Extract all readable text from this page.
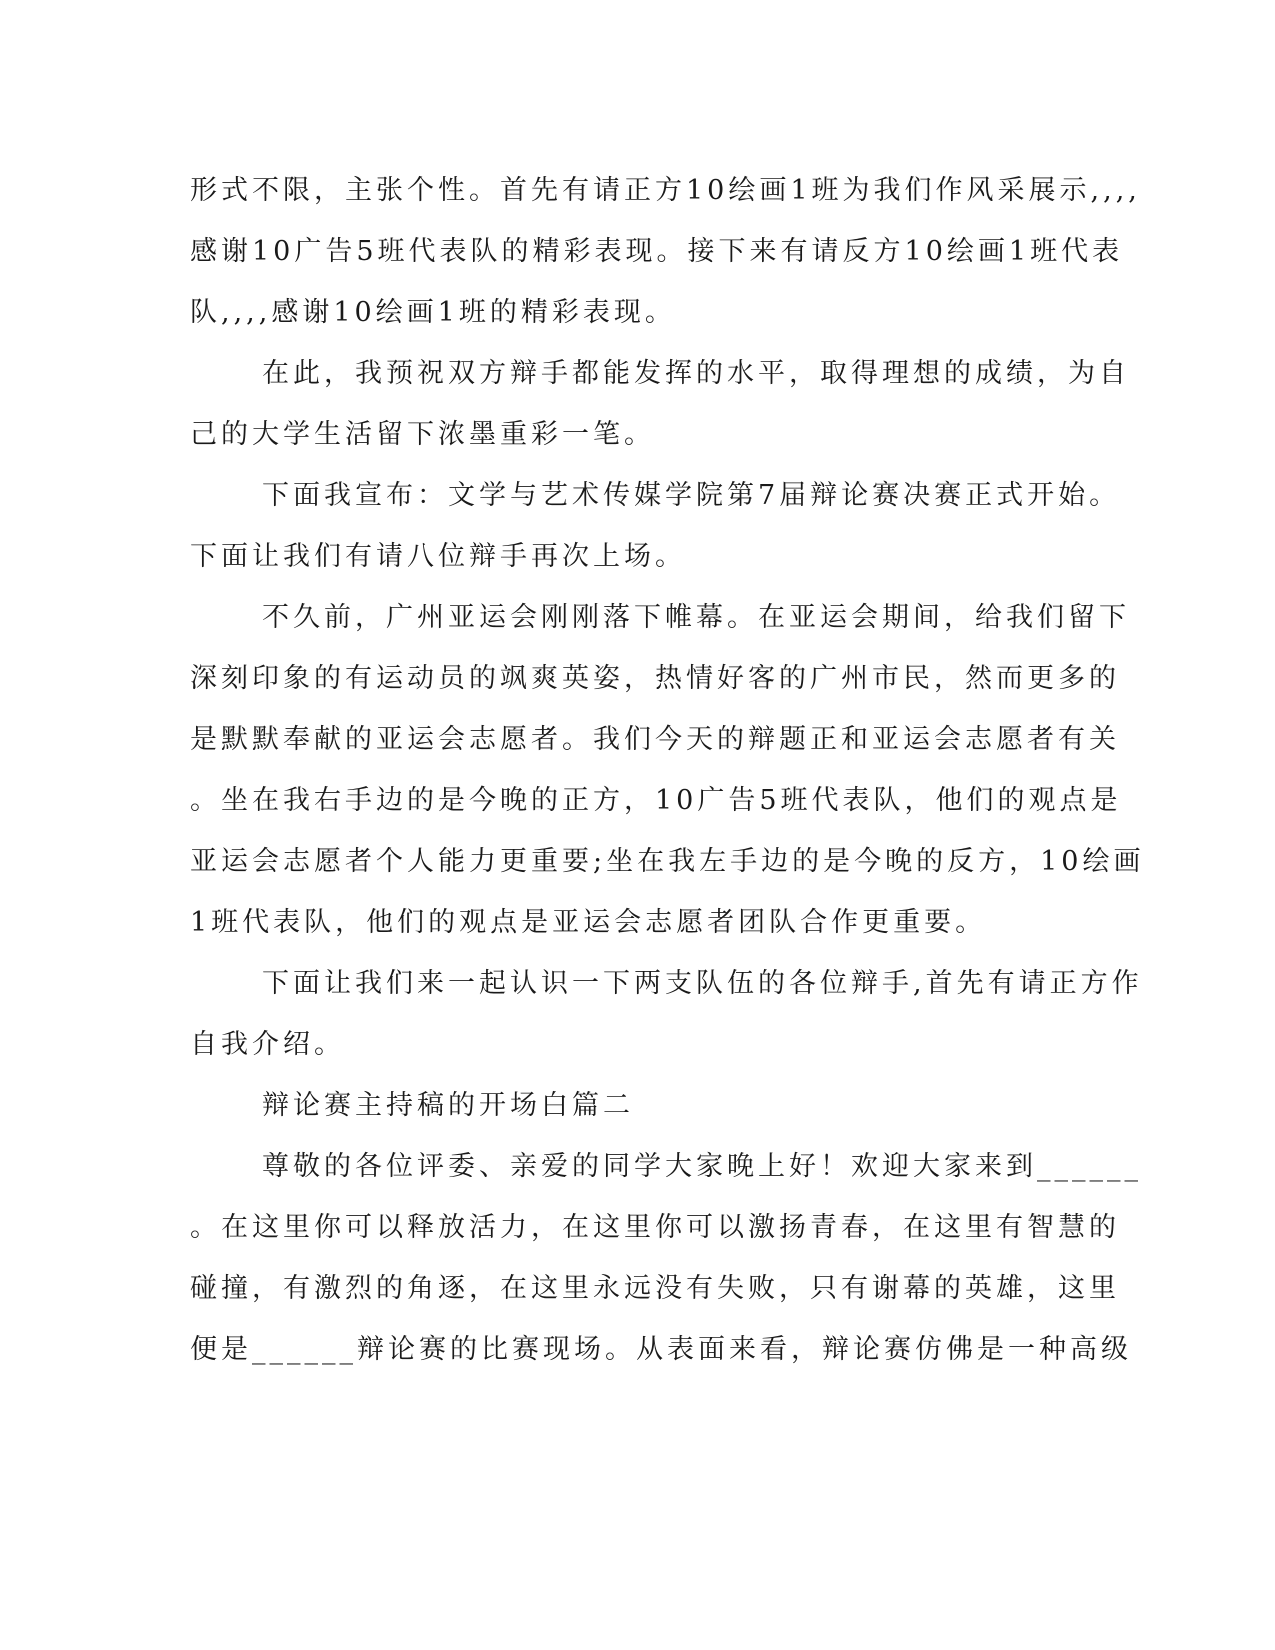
形式不限，主张个性。首先有请正方10绘画1班为我们作风采展示,,,,
感谢10广告5班代表队的精彩表现。接下来有请反方10绘画1班代表
队,,,,感谢10绘画1班的精彩表现。
在此，我预祝双方辩手都能发挥的水平，取得理想的成绩，为自
己的大学生活留下浓墨重彩一笔。
下面我宣布：文学与艺术传媒学院第7届辩论赛决赛正式开始。
下面让我们有请八位辩手再次上场。
不久前，广州亚运会刚刚落下帷幕。在亚运会期间，给我们留下
深刻印象的有运动员的飒爽英姿，热情好客的广州市民，然而更多的
是默默奉献的亚运会志愿者。我们今天的辩题正和亚运会志愿者有关
。坐在我右手边的是今晚的正方，10广告5班代表队，他们的观点是
亚运会志愿者个人能力更重要;坐在我左手边的是今晚的反方，10绘画
1班代表队，他们的观点是亚运会志愿者团队合作更重要。
下面让我们来一起认识一下两支队伍的各位辩手,首先有请正方作
自我介绍。
辩论赛主持稿的开场白篇二
尊敬的各位评委、亲爱的同学大家晚上好！欢迎大家来到______
。在这里你可以释放活力，在这里你可以激扬青春，在这里有智慧的
碰撞，有激烈的角逐，在这里永远没有失败，只有谢幕的英雄，这里
便是______辩论赛的比赛现场。从表面来看，辩论赛仿佛是一种高级
